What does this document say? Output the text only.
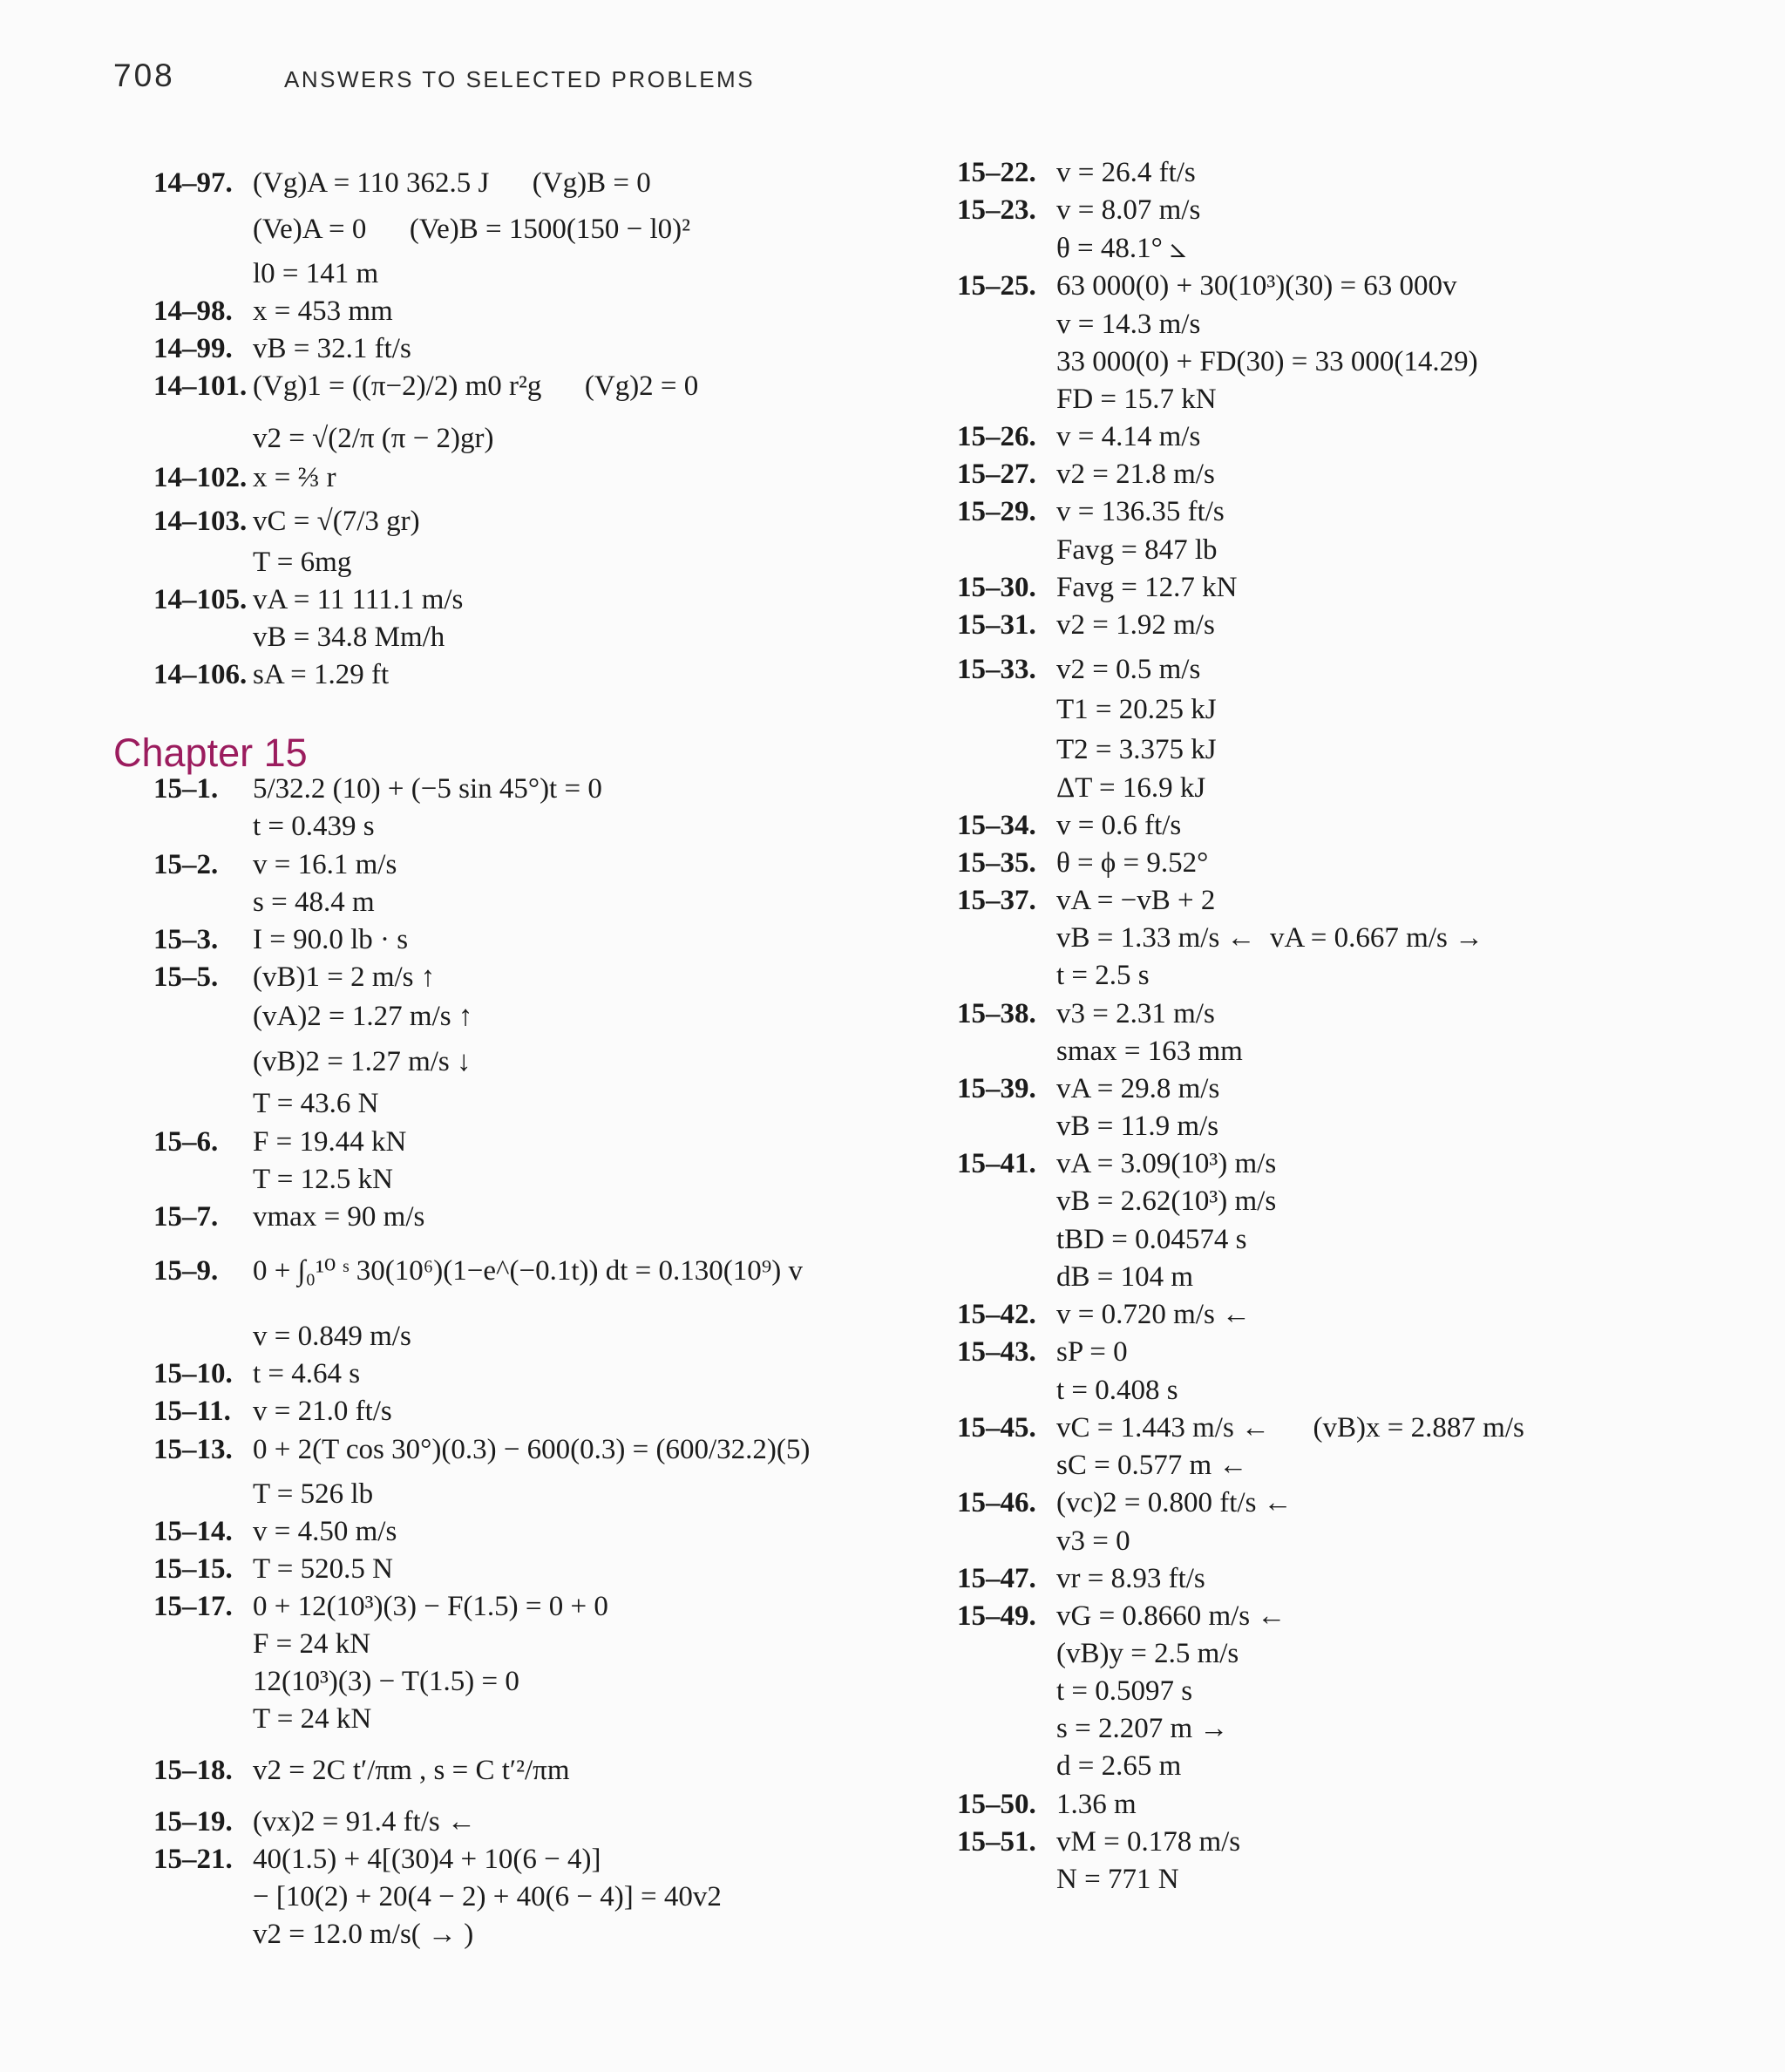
708	ANSWERS TO SELECTED PROBLEMS
Chapter 15
14–97. (Vg)A = 110 362.5 J      (Vg)B = 0
(Ve)A = 0      (Ve)B = 1500(150 − l0)²
l0 = 141 m
14–98. x = 453 mm
14–99. vB = 32.1 ft/s
14–101. (Vg)1 = ((π−2)/2) m0 r²g      (Vg)2 = 0
v2 = √(2/π (π − 2)gr)
14–102. x = ⅔ r
14–103. vC = √(7/3 gr)
T = 6mg
14–105. vA = 11 111.1 m/s
vB = 34.8 Mm/h
14–106. sA = 1.29 ft
15–1. 5/32.2 (10) + (−5 sin 45°)t = 0
t = 0.439 s
15–2. v = 16.1 m/s
s = 48.4 m
15–3. I = 90.0 lb · s
15–5. (vB)1 = 2 m/s ↑
(vA)2 = 1.27 m/s ↑
(vB)2 = 1.27 m/s ↓
T = 43.6 N
15–6. F = 19.44 kN
T = 12.5 kN
15–7. vmax = 90 m/s
15–9. 0 + ∫₀¹⁰ ˢ 30(10⁶)(1−e^(−0.1t)) dt = 0.130(10⁹) v
v = 0.849 m/s
15–10. t = 4.64 s
15–11. v = 21.0 ft/s
15–13. 0 + 2(T cos 30°)(0.3) − 600(0.3) = (600/32.2)(5)
T = 526 lb
15–14. v = 4.50 m/s
15–15. T = 520.5 N
15–17. 0 + 12(10³)(3) − F(1.5) = 0 + 0
F = 24 kN
12(10³)(3) − T(1.5) = 0
T = 24 kN
15–18. v2 = 2C t′/πm , s = C t′²/πm
15–19. (vx)2 = 91.4 ft/s ←
15–21. 40(1.5) + 4[(30)4 + 10(6 − 4)]
− [10(2) + 20(4 − 2) + 40(6 − 4)] = 40v2
v2 = 12.0 m/s( → )
15–22. v = 26.4 ft/s
15–23. v = 8.07 m/s
θ = 48.1° ⦣
15–25. 63 000(0) + 30(10³)(30) = 63 000v
v = 14.3 m/s
33 000(0) + FD(30) = 33 000(14.29)
FD = 15.7 kN
15–26. v = 4.14 m/s
15–27. v2 = 21.8 m/s
15–29. v = 136.35 ft/s
Favg = 847 lb
15–30. Favg = 12.7 kN
15–31. v2 = 1.92 m/s
15–33. v2 = 0.5 m/s
T1 = 20.25 kJ
T2 = 3.375 kJ
ΔT = 16.9 kJ
15–34. v = 0.6 ft/s
15–35. θ = ϕ = 9.52°
15–37. vA = −vB + 2
vB = 1.33 m/s ←  vA = 0.667 m/s →
t = 2.5 s
15–38. v3 = 2.31 m/s
smax = 163 mm
15–39. vA = 29.8 m/s
vB = 11.9 m/s
15–41. vA = 3.09(10³) m/s
vB = 2.62(10³) m/s
tBD = 0.04574 s
dB = 104 m
15–42. v = 0.720 m/s ←
15–43. sP = 0
t = 0.408 s
15–45. vC = 1.443 m/s ←      (vB)x = 2.887 m/s
sC = 0.577 m ←
15–46. (vc)2 = 0.800 ft/s ←
v3 = 0
15–47. vr = 8.93 ft/s
15–49. vG = 0.8660 m/s ←
(vB)y = 2.5 m/s
t = 0.5097 s
s = 2.207 m →
d = 2.65 m
15–50. 1.36 m
15–51. vM = 0.178 m/s
N = 771 N
